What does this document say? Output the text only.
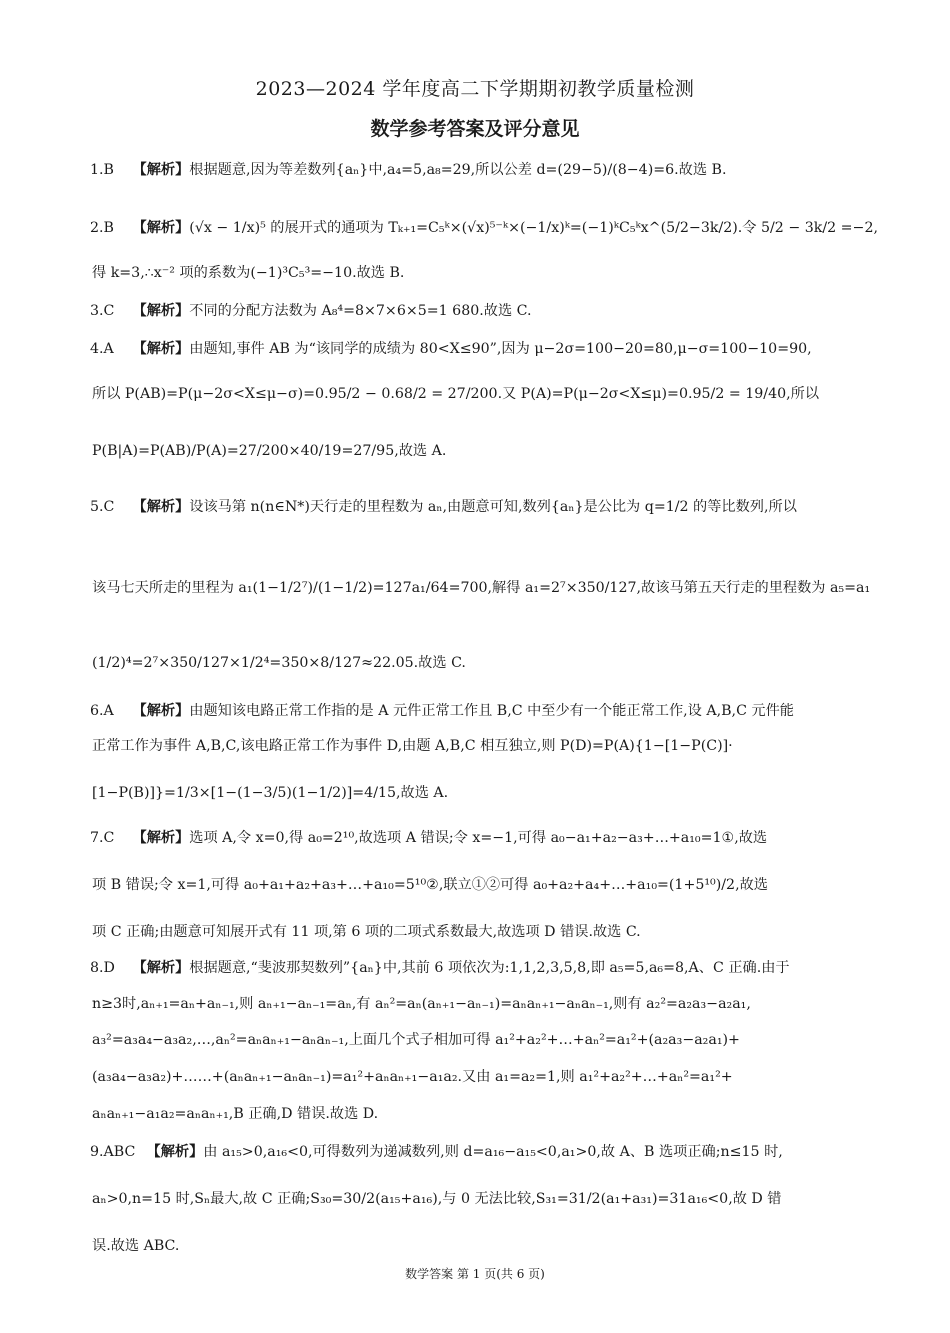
2023—2024 学年度高二下学期期初教学质量检测
数学参考答案及评分意见
1.B 【解析】根据题意,因为等差数列{aₙ}中,a₄=5,a₈=29,所以公差 d=(29−5)/(8−4)=6.故选 B.
2.B 【解析】(√x − 1/x)⁵ 的展开式的通项为 Tₖ₊₁=C₅ᵏ×(√x)⁵⁻ᵏ×(−1/x)ᵏ=(−1)ᵏC₅ᵏx^(5/2−3k/2).令 5/2 − 3k/2 =−2,
得 k=3,∴x⁻² 项的系数为(−1)³C₅³=−10.故选 B.
3.C 【解析】不同的分配方法数为 A₈⁴=8×7×6×5=1 680.故选 C.
4.A 【解析】由题知,事件 AB 为“该同学的成绩为 80<X≤90”,因为 μ−2σ=100−20=80,μ−σ=100−10=90,
所以 P(AB)=P(μ−2σ<X≤μ−σ)=0.95/2 − 0.68/2 = 27/200.又 P(A)=P(μ−2σ<X≤μ)=0.95/2 = 19/40,所以
P(B|A)=P(AB)/P(A)=27/200×40/19=27/95,故选 A.
5.C 【解析】设该马第 n(n∈N*)天行走的里程数为 aₙ,由题意可知,数列{aₙ}是公比为 q=1/2 的等比数列,所以
该马七天所走的里程为 a₁(1−1/2⁷)/(1−1/2)=127a₁/64=700,解得 a₁=2⁷×350/127,故该马第五天行走的里程数为 a₅=a₁
(1/2)⁴=2⁷×350/127×1/2⁴=350×8/127≈22.05.故选 C.
6.A 【解析】由题知该电路正常工作指的是 A 元件正常工作且 B,C 中至少有一个能正常工作,设 A,B,C 元件能
正常工作为事件 A,B,C,该电路正常工作为事件 D,由题 A,B,C 相互独立,则 P(D)=P(A){1−[1−P(C)]·
[1−P(B)]}=1/3×[1−(1−3/5)(1−1/2)]=4/15,故选 A.
7.C 【解析】选项 A,令 x=0,得 a₀=2¹⁰,故选项 A 错误;令 x=−1,可得 a₀−a₁+a₂−a₃+…+a₁₀=1①,故选
项 B 错误;令 x=1,可得 a₀+a₁+a₂+a₃+…+a₁₀=5¹⁰②,联立①②可得 a₀+a₂+a₄+…+a₁₀=(1+5¹⁰)/2,故选
项 C 正确;由题意可知展开式有 11 项,第 6 项的二项式系数最大,故选项 D 错误.故选 C.
8.D 【解析】根据题意,“斐波那契数列”{aₙ}中,其前 6 项依次为:1,1,2,3,5,8,即 a₅=5,a₆=8,A、C 正确.由于
n≥3时,aₙ₊₁=aₙ+aₙ₋₁,则 aₙ₊₁−aₙ₋₁=aₙ,有 aₙ²=aₙ(aₙ₊₁−aₙ₋₁)=aₙaₙ₊₁−aₙaₙ₋₁,则有 a₂²=a₂a₃−a₂a₁,
a₃²=a₃a₄−a₃a₂,…,aₙ²=aₙaₙ₊₁−aₙaₙ₋₁,上面几个式子相加可得 a₁²+a₂²+…+aₙ²=a₁²+(a₂a₃−a₂a₁)+
(a₃a₄−a₃a₂)+……+(aₙaₙ₊₁−aₙaₙ₋₁)=a₁²+aₙaₙ₊₁−a₁a₂.又由 a₁=a₂=1,则 a₁²+a₂²+…+aₙ²=a₁²+
aₙaₙ₊₁−a₁a₂=aₙaₙ₊₁,B 正确,D 错误.故选 D.
9.ABC 【解析】由 a₁₅>0,a₁₆<0,可得数列为递减数列,则 d=a₁₆−a₁₅<0,a₁>0,故 A、B 选项正确;n≤15 时,
aₙ>0,n=15 时,Sₙ最大,故 C 正确;S₃₀=30/2(a₁₅+a₁₆),与 0 无法比较,S₃₁=31/2(a₁+a₃₁)=31a₁₆<0,故 D 错
误.故选 ABC.
数学答案 第 1 页(共 6 页)
